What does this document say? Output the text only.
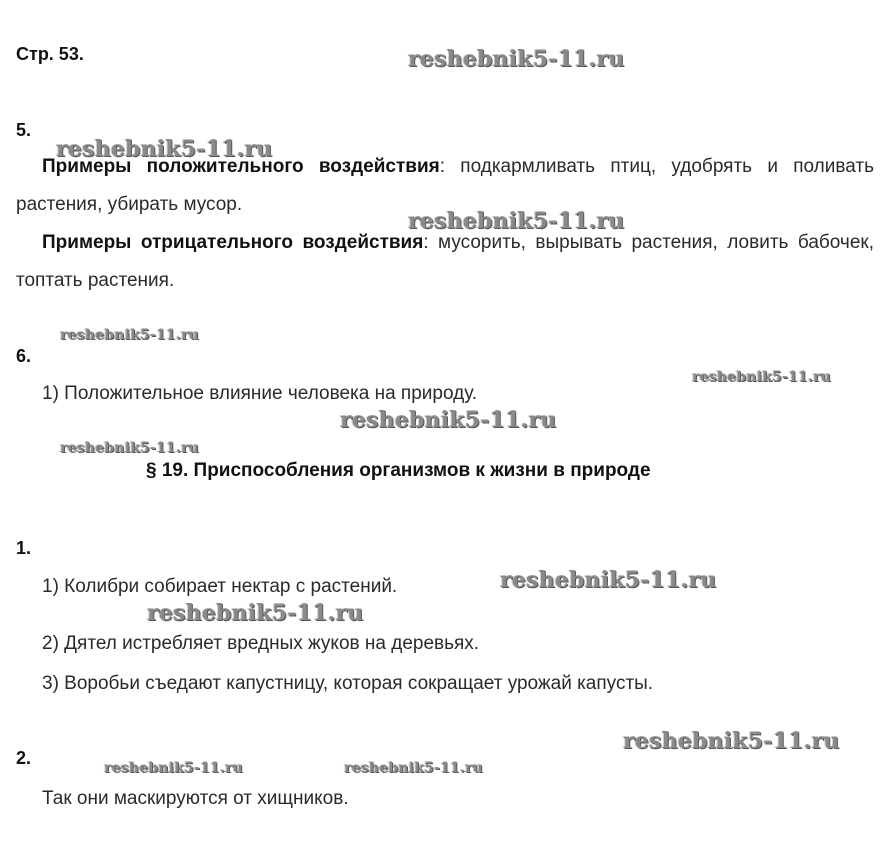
Стр. 53.
5.
Примеры положительного воздействия: подкармливать птиц, удобрять и поливать растения, убирать мусор.
Примеры отрицательного воздействия: мусорить, вырывать растения, ловить бабочек, топтать растения.
6.
1) Положительное влияние человека на природу.
§ 19. Приспособления организмов к жизни в природе
1.
1) Колибри собирает нектар с растений.
2) Дятел истребляет вредных жуков на деревьях.
3) Воробьи съедают капустницу, которая сокращает урожай капусты.
2.
Так они маскируются от хищников.
reshebnik5-11.ru
reshebnik5-11.ru
reshebnik5-11.ru
reshebnik5-11.ru
reshebnik5-11.ru
reshebnik5-11.ru
reshebnik5-11.ru
reshebnik5-11.ru
reshebnik5-11.ru
reshebnik5-11.ru
reshebnik5-11.ru	reshebnik5-11.ru
